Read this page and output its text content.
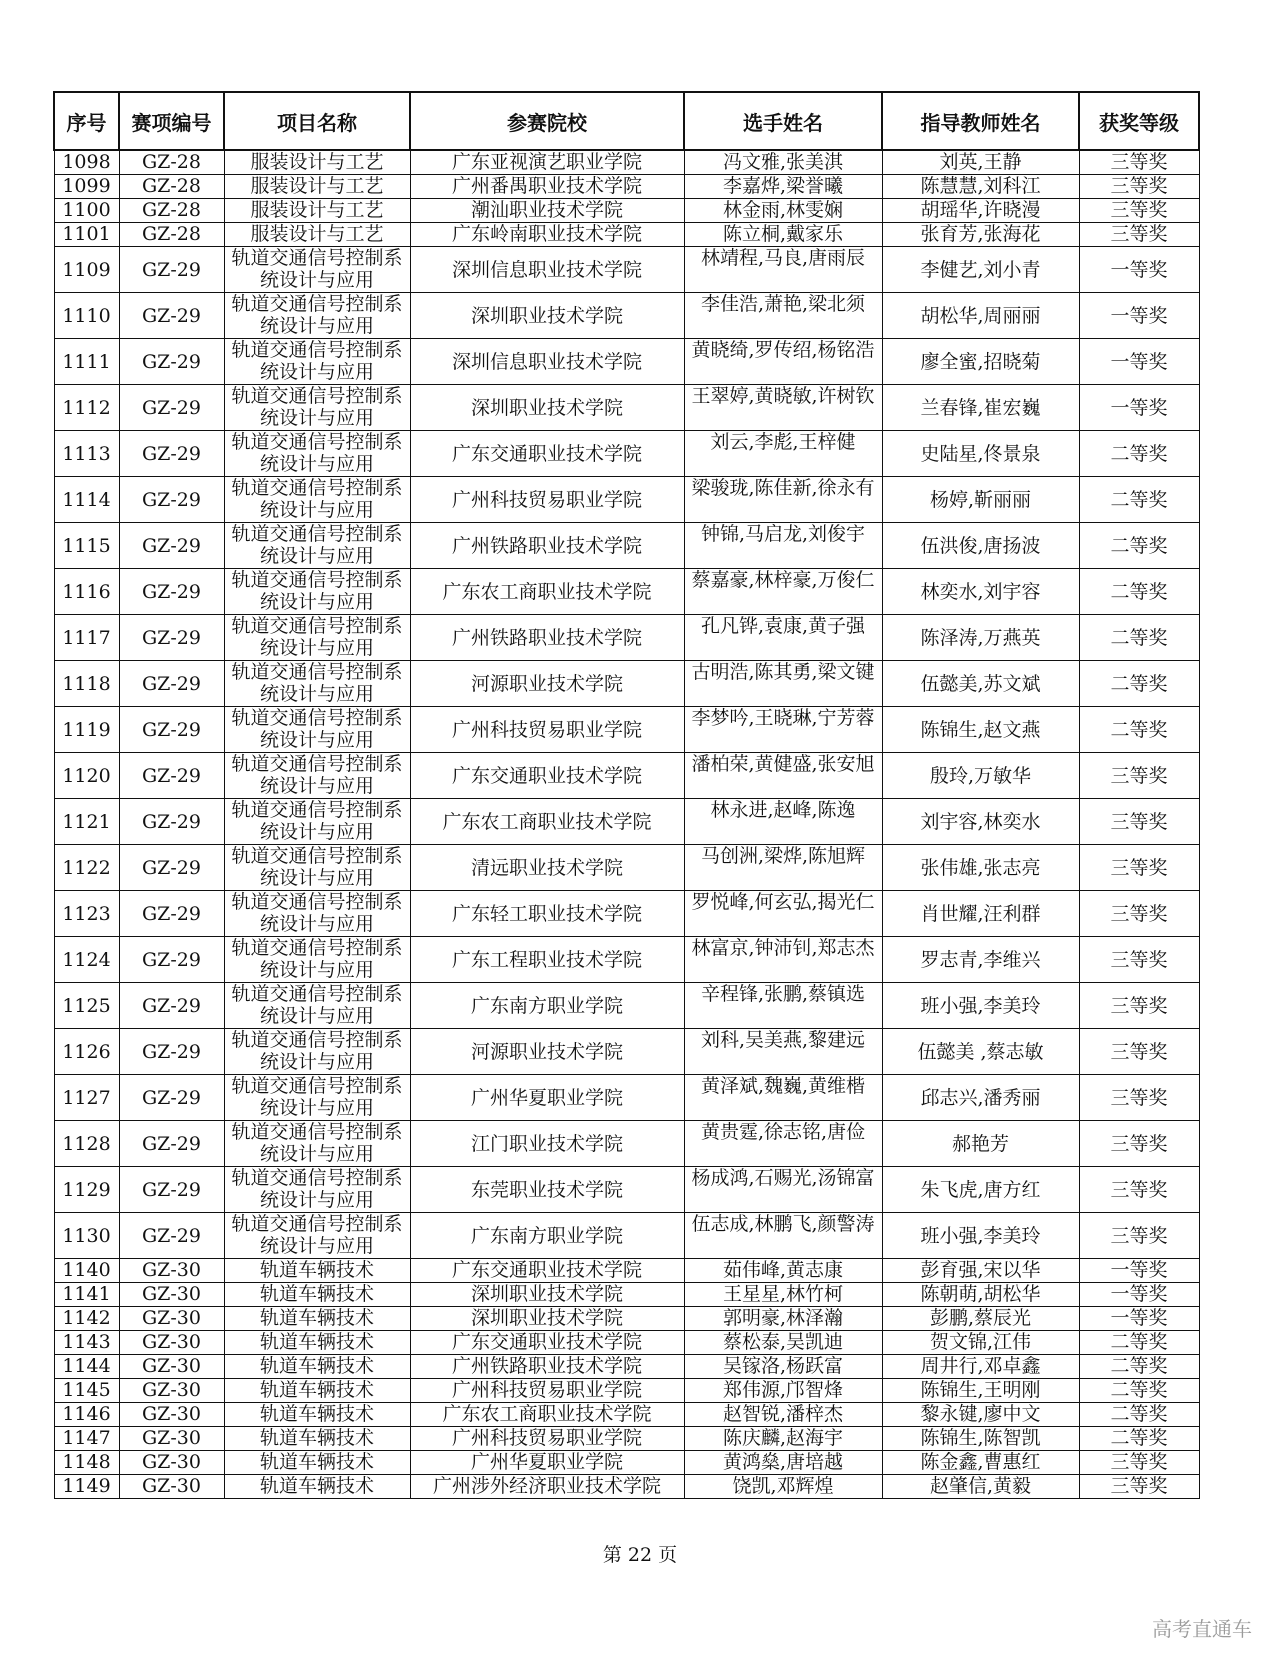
序号	赛项编号	项目名称	参赛院校	选手姓名	指导教师姓名	获奖等级
1098	GZ-28	服装设计与工艺	广东亚视演艺职业学院	冯文雅,张美淇	刘英,王静	三等奖
1099	GZ-28	服装设计与工艺	广州番禺职业技术学院	李嘉烨,梁誉曦	陈慧慧,刘科江	三等奖
1100	GZ-28	服装设计与工艺	潮汕职业技术学院	林金雨,林雯娴	胡瑶华,许晓漫	三等奖
1101	GZ-28	服装设计与工艺	广东岭南职业技术学院	陈立桐,戴家乐	张育芳,张海花	三等奖
1109	GZ-29	轨道交通信号控制系统设计与应用	深圳信息职业技术学院	林靖程,马良,唐雨辰	李健艺,刘小青	一等奖
1110	GZ-29	轨道交通信号控制系统设计与应用	深圳职业技术学院	李佳浩,萧艳,梁北须	胡松华,周丽丽	一等奖
1111	GZ-29	轨道交通信号控制系统设计与应用	深圳信息职业技术学院	黄晓绮,罗传绍,杨铭浩	廖全蜜,招晓菊	一等奖
1112	GZ-29	轨道交通信号控制系统设计与应用	深圳职业技术学院	王翠婷,黄晓敏,许树钦	兰春锋,崔宏巍	一等奖
1113	GZ-29	轨道交通信号控制系统设计与应用	广东交通职业技术学院	刘云,李彪,王梓健	史陆星,佟景泉	二等奖
1114	GZ-29	轨道交通信号控制系统设计与应用	广州科技贸易职业学院	梁骏珑,陈佳新,徐永有	杨婷,靳丽丽	二等奖
1115	GZ-29	轨道交通信号控制系统设计与应用	广州铁路职业技术学院	钟锦,马启龙,刘俊宇	伍洪俊,唐扬波	二等奖
1116	GZ-29	轨道交通信号控制系统设计与应用	广东农工商职业技术学院	蔡嘉豪,林梓豪,万俊仁	林奕水,刘宇容	二等奖
1117	GZ-29	轨道交通信号控制系统设计与应用	广州铁路职业技术学院	孔凡铧,袁康,黄子强	陈泽涛,万燕英	二等奖
1118	GZ-29	轨道交通信号控制系统设计与应用	河源职业技术学院	古明浩,陈其勇,梁文键	伍懿美,苏文斌	二等奖
1119	GZ-29	轨道交通信号控制系统设计与应用	广州科技贸易职业学院	李梦吟,王晓琳,宁芳蓉	陈锦生,赵文燕	二等奖
1120	GZ-29	轨道交通信号控制系统设计与应用	广东交通职业技术学院	潘柏荣,黄健盛,张安旭	殷玲,万敏华	三等奖
1121	GZ-29	轨道交通信号控制系统设计与应用	广东农工商职业技术学院	林永进,赵峰,陈逸	刘宇容,林奕水	三等奖
1122	GZ-29	轨道交通信号控制系统设计与应用	清远职业技术学院	马创洲,梁烨,陈旭辉	张伟雄,张志亮	三等奖
1123	GZ-29	轨道交通信号控制系统设计与应用	广东轻工职业技术学院	罗悦峰,何玄弘,揭光仁	肖世耀,汪利群	三等奖
1124	GZ-29	轨道交通信号控制系统设计与应用	广东工程职业技术学院	林富京,钟沛钊,郑志杰	罗志青,李维兴	三等奖
1125	GZ-29	轨道交通信号控制系统设计与应用	广东南方职业学院	辛程锋,张鹏,蔡镇选	班小强,李美玲	三等奖
1126	GZ-29	轨道交通信号控制系统设计与应用	河源职业技术学院	刘科,吴美燕,黎建远	伍懿美 ,蔡志敏	三等奖
1127	GZ-29	轨道交通信号控制系统设计与应用	广州华夏职业学院	黄泽斌,魏巍,黄维楷	邱志兴,潘秀丽	三等奖
1128	GZ-29	轨道交通信号控制系统设计与应用	江门职业技术学院	黄贵霆,徐志铭,唐俭	郝艳芳	三等奖
1129	GZ-29	轨道交通信号控制系统设计与应用	东莞职业技术学院	杨成鸿,石赐光,汤锦富	朱飞虎,唐方红	三等奖
1130	GZ-29	轨道交通信号控制系统设计与应用	广东南方职业学院	伍志成,林鹏飞,颜警涛	班小强,李美玲	三等奖
1140	GZ-30	轨道车辆技术	广东交通职业技术学院	茹伟峰,黄志康	彭育强,宋以华	一等奖
1141	GZ-30	轨道车辆技术	深圳职业技术学院	王星星,林竹柯	陈朝萌,胡松华	一等奖
1142	GZ-30	轨道车辆技术	深圳职业技术学院	郭明豪,林泽瀚	彭鹏,蔡辰光	一等奖
1143	GZ-30	轨道车辆技术	广东交通职业技术学院	蔡松泰,吴凯迪	贺文锦,江伟	二等奖
1144	GZ-30	轨道车辆技术	广州铁路职业技术学院	吴镓洛,杨跃富	周井行,邓卓鑫	二等奖
1145	GZ-30	轨道车辆技术	广州科技贸易职业学院	郑伟源,邝智烽	陈锦生,王明刚	二等奖
1146	GZ-30	轨道车辆技术	广东农工商职业技术学院	赵智锐,潘梓杰	黎永键,廖中文	二等奖
1147	GZ-30	轨道车辆技术	广州科技贸易职业学院	陈庆麟,赵海宇	陈锦生,陈智凯	二等奖
1148	GZ-30	轨道车辆技术	广州华夏职业学院	黄鸿燊,唐培越	陈金鑫,曹惠红	三等奖
1149	GZ-30	轨道车辆技术	广州涉外经济职业技术学院	饶凯,邓辉煌	赵肇信,黄毅	三等奖
第 22 页
高考直通车
